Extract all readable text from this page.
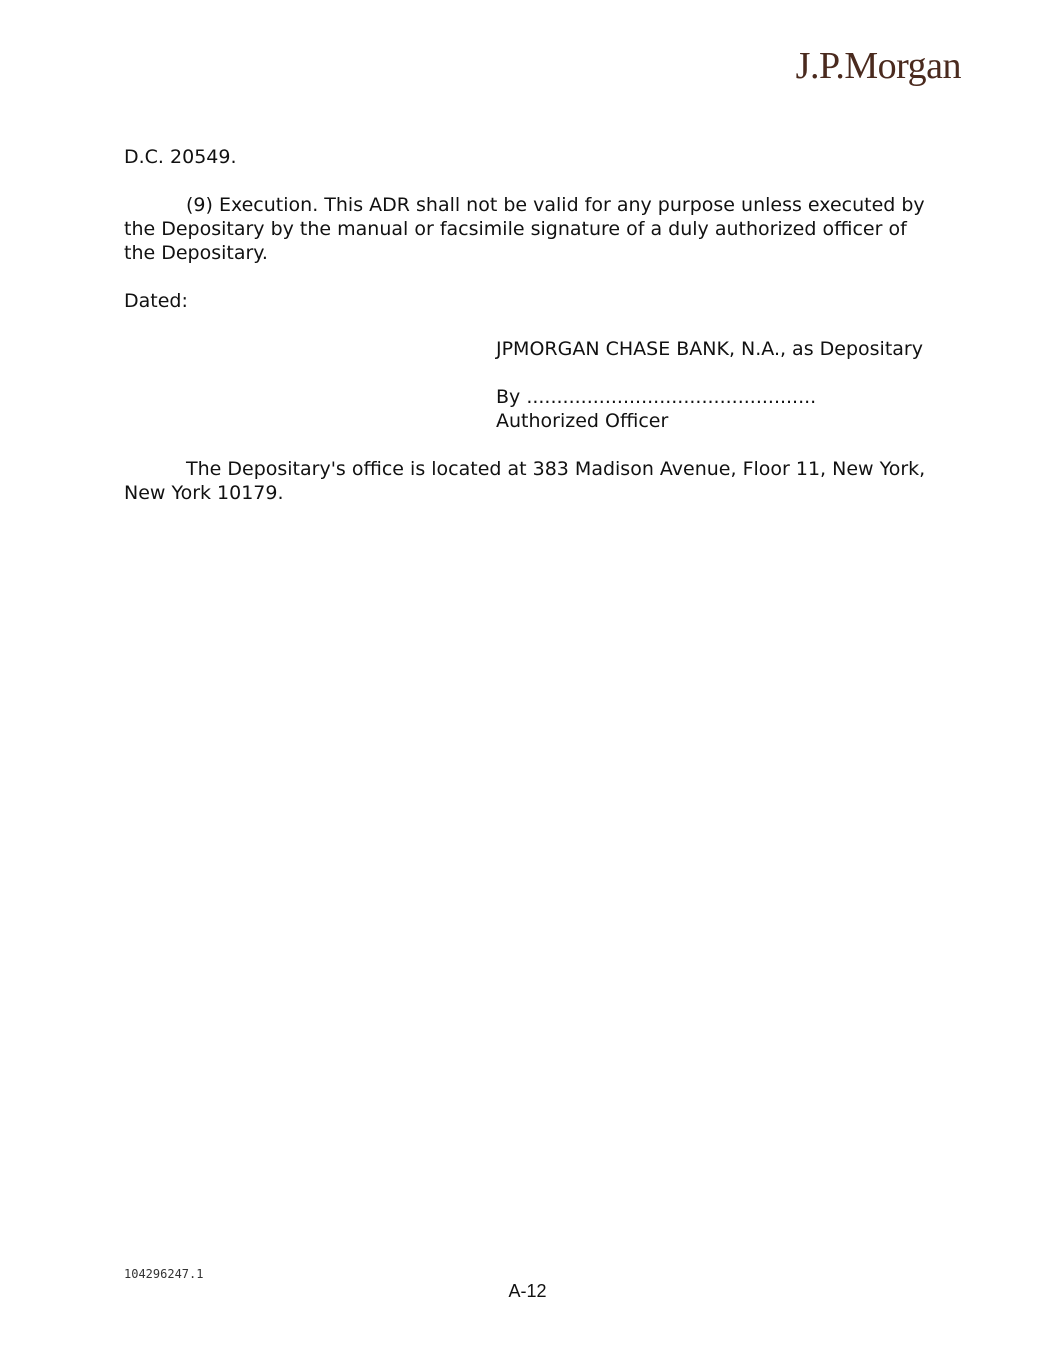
J.P.Morgan
D.C. 20549.
(9) Execution. This ADR shall not be valid for any purpose unless executed by the Depositary by the manual or facsimile signature of a duly authorized officer of the Depositary.
Dated:
JPMORGAN CHASE BANK, N.A., as Depositary
By ................................................
Authorized Officer
The Depositary's office is located at 383 Madison Avenue, Floor 11, New York, New York 10179.
104296247.1
A-12
